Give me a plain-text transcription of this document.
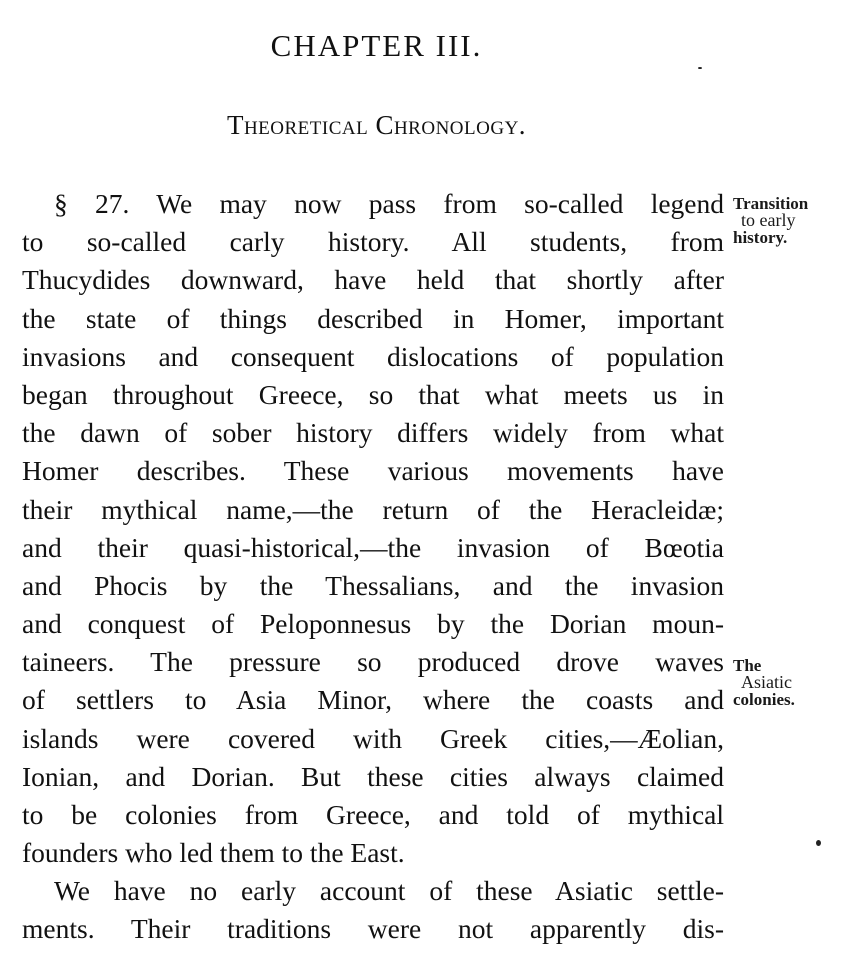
CHAPTER III.
Theoretical Chronology.
§ 27. We may now pass from so-called legend
to so-called carly history. All students, from
Thucydides downward, have held that shortly after
the state of things described in Homer, important
invasions and consequent dislocations of population
began throughout Greece, so that what meets us in
the dawn of sober history differs widely from what
Homer describes. These various movements have
their mythical name,—the return of the Heracleidæ;
and their quasi-historical,—the invasion of Bœotia
and Phocis by the Thessalians, and the invasion
and conquest of Peloponnesus by the Dorian moun-
taineers. The pressure so produced drove waves
of settlers to Asia Minor, where the coasts and
islands were covered with Greek cities,—Æolian,
Ionian, and Dorian. But these cities always claimed
to be colonies from Greece, and told of mythical
founders who led them to the East.
We have no early account of these Asiatic settle-
ments. Their traditions were not apparently dis-
Transition
to early
history.
The
Asiatic
colonies.
